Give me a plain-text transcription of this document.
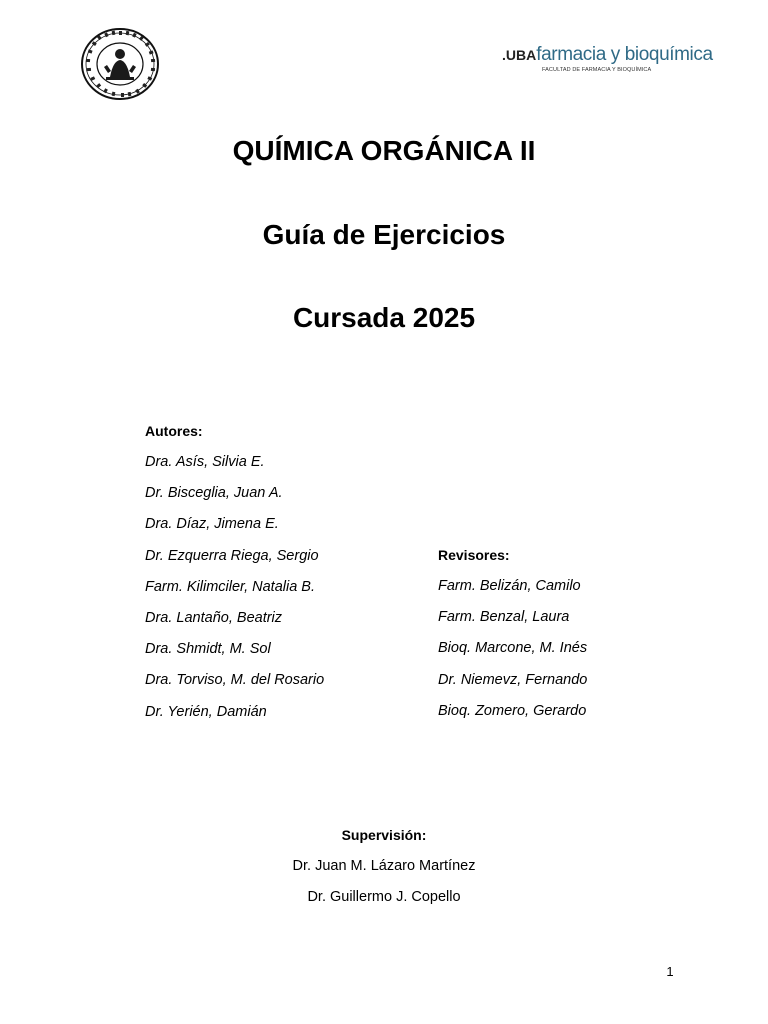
.UBA farmacia y bioquímica
FACULTAD DE FARMACIA Y BIOQUÍMICA
QUÍMICA ORGÁNICA II
Guía de Ejercicios
Cursada 2025
Autores:
Dra. Asís, Silvia E.
Dr. Bisceglia, Juan A.
Dra. Díaz, Jimena E.
Dr. Ezquerra Riega, Sergio
Farm. Kilimciler, Natalia B.
Dra. Lantaño, Beatriz
Dra. Shmidt, M. Sol
Dra. Torviso, M. del Rosario
Dr. Yerién, Damián
Revisores:
Farm. Belizán, Camilo
Farm. Benzal, Laura
Bioq. Marcone, M. Inés
Dr. Niemevz, Fernando
Bioq. Zomero, Gerardo
Supervisión:
Dr. Juan M. Lázaro Martínez
Dr. Guillermo J. Copello
1
